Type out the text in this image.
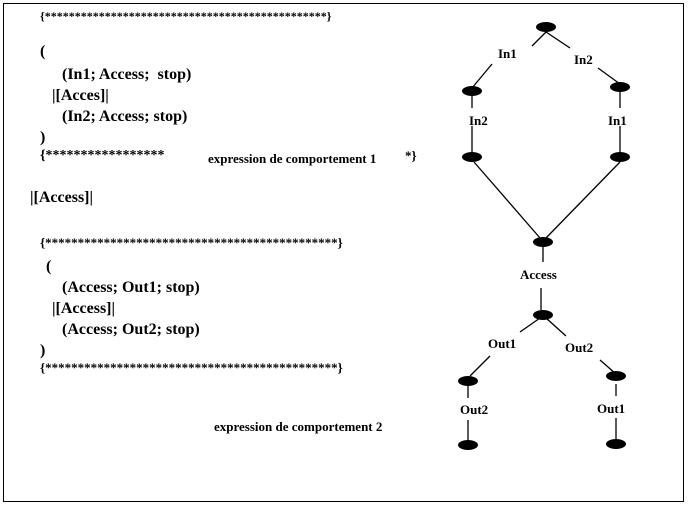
{***********************************************}
(
(In1; Access;  stop)
|[Acces]|
(In2; Access; stop)
)
{*****************	expression de comportement 1 *}
|[Access]|
{*********************************************}
(
(Access; Out1; stop)
|[Access]|
(Access; Out2; stop)
)
{*********************************************}
expression de comportement 2
In1	In2
In2	In1
Access
Out1	Out2
Out2	Out1
